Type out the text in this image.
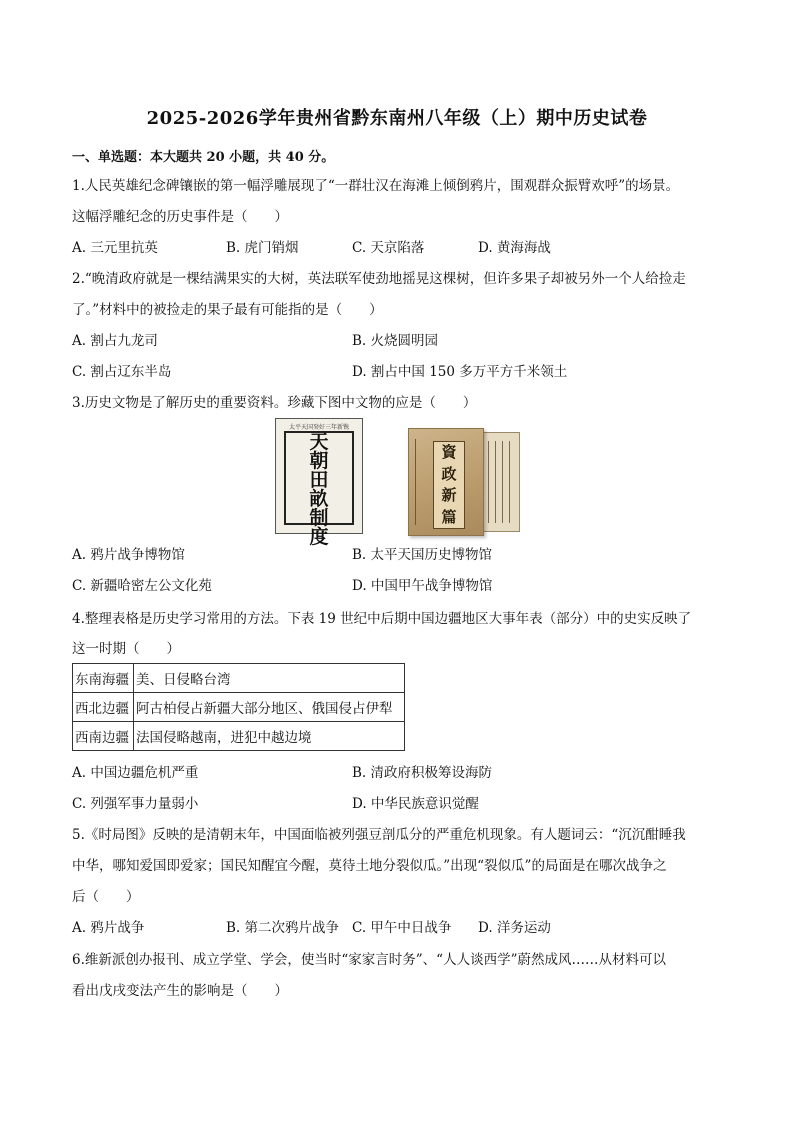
2025-2026学年贵州省黔东南州八年级（上）期中历史试卷
一、单选题：本大题共 20 小题，共 40 分。
1.人民英雄纪念碑镶嵌的第一幅浮雕展现了“一群壮汉在海滩上倾倒鸦片，围观群众振臂欢呼”的场景。
这幅浮雕纪念的历史事件是（　　）
A. 三元里抗英	B. 虎门销烟	C. 天京陷落	D. 黄海海战
2.“晚清政府就是一棵结满果实的大树，英法联军使劲地摇晃这棵树，但许多果子却被另外一个人给捡走
了。”材料中的被捡走的果子最有可能指的是（　　）
A. 割占九龙司	B. 火烧圆明园
C. 割占辽东半岛	D. 割占中国 150 多万平方千米领土
3.历史文物是了解历史的重要资料。珍藏下图中文物的应是（　　）
太平天国癸好三年新镌
天
朝
田
畝
制
度
資
政
新
篇
A. 鸦片战争博物馆	B. 太平天国历史博物馆
C. 新疆哈密左公文化苑	D. 中国甲午战争博物馆
4.整理表格是历史学习常用的方法。下表 19 世纪中后期中国边疆地区大事年表（部分）中的史实反映了
这一时期（　　）
东南海疆	美、日侵略台湾
西北边疆	阿古柏侵占新疆大部分地区、俄国侵占伊犁
西南边疆	法国侵略越南，进犯中越边境
A. 中国边疆危机严重	B. 清政府积极筹设海防
C. 列强军事力量弱小	D. 中华民族意识觉醒
5.《时局图》反映的是清朝末年，中国面临被列强豆剖瓜分的严重危机现象。有人题词云：“沉沉酣睡我
中华，哪知爱国即爱家；国民知醒宜今醒，莫待土地分裂似瓜。”出现“裂似瓜”的局面是在哪次战争之
后（　　）
A. 鸦片战争	B. 第二次鸦片战争 C. 甲午中日战争 D. 洋务运动
6.维新派创办报刊、成立学堂、学会，使当时“家家言时务”、“人人谈西学”蔚然成风……从材料可以
看出戊戌变法产生的影响是（　　）
